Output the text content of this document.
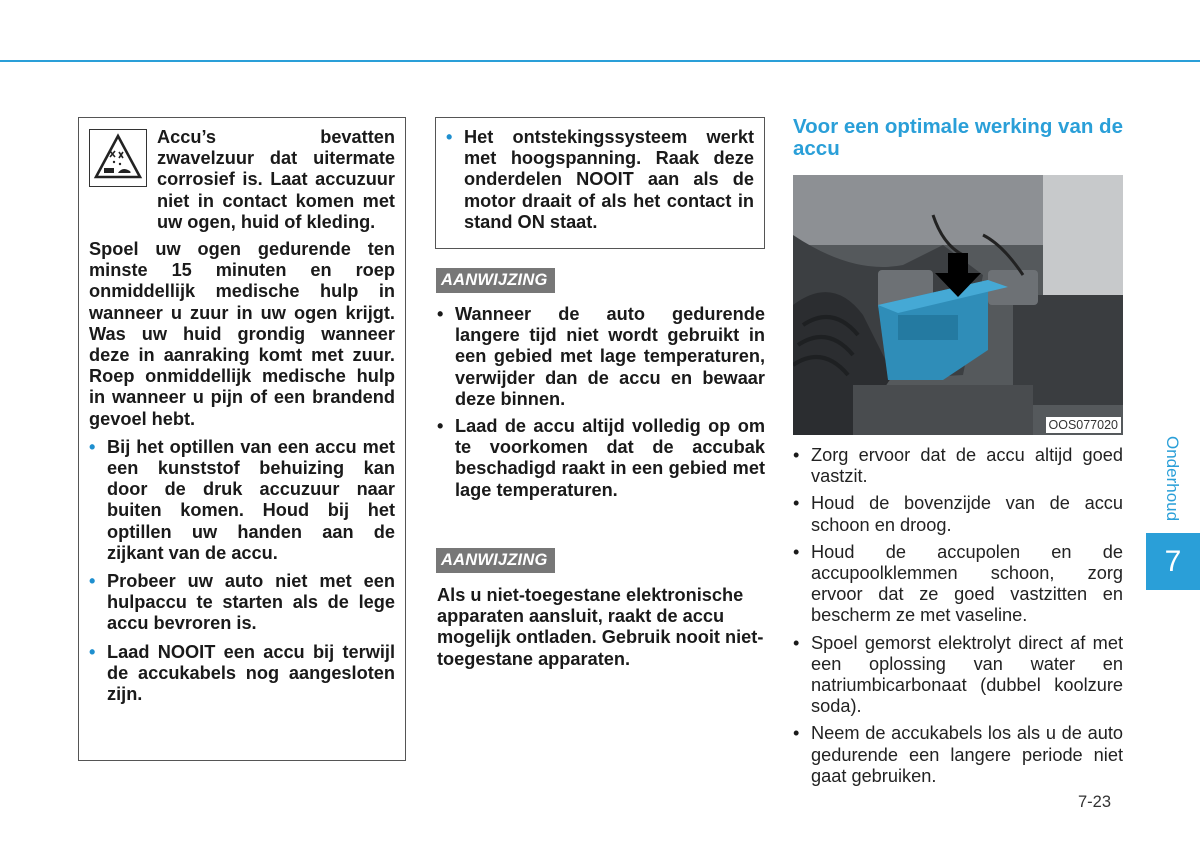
Accu’s bevatten zwavelzuur dat uitermate corrosief is. Laat accuzuur niet in contact komen met uw ogen, huid of kleding.
Spoel uw ogen gedurende ten minste 15 minuten en roep onmiddellijk medische hulp in wanneer u zuur in uw ogen krijgt. Was uw huid grondig wanneer deze in aanraking komt met zuur. Roep onmiddellijk medische hulp in wanneer u pijn of een brandend gevoel hebt.
• Bij het optillen van een accu met een kunststof behuizing kan door de druk accuzuur naar buiten komen. Houd bij het optillen uw handen aan de zijkant van de accu.
• Probeer uw auto niet met een hulpaccu te starten als de lege accu bevroren is.
• Laad NOOIT een accu bij terwijl de accukabels nog aangesloten zijn.
• Het ontstekingssysteem werkt met hoogspanning. Raak deze onderdelen NOOIT aan als de motor draait of als het contact in stand ON staat.
AANWIJZING
• Wanneer de auto gedurende langere tijd niet wordt gebruikt in een gebied met lage temperaturen, verwijder dan de accu en bewaar deze binnen.
• Laad de accu altijd volledig op om te voorkomen dat de accubak beschadigd raakt in een gebied met lage temperaturen.
AANWIJZING
Als u niet-toegestane elektronische apparaten aansluit, raakt de accu mogelijk ontladen. Gebruik nooit niet-toegestane apparaten.
Voor een optimale werking van de accu
OOS077020
• Zorg ervoor dat de accu altijd goed vastzit.
• Houd de bovenzijde van de accu schoon en droog.
• Houd de accupolen en de accupoolklemmen schoon, zorg ervoor dat ze goed vastzitten en bescherm ze met vaseline.
• Spoel gemorst elektrolyt direct af met een oplossing van water en natriumbicarbonaat (dubbel koolzure soda).
• Neem de accukabels los als u de auto gedurende een langere periode niet gaat gebruiken.
Onderhoud
7
7-23
